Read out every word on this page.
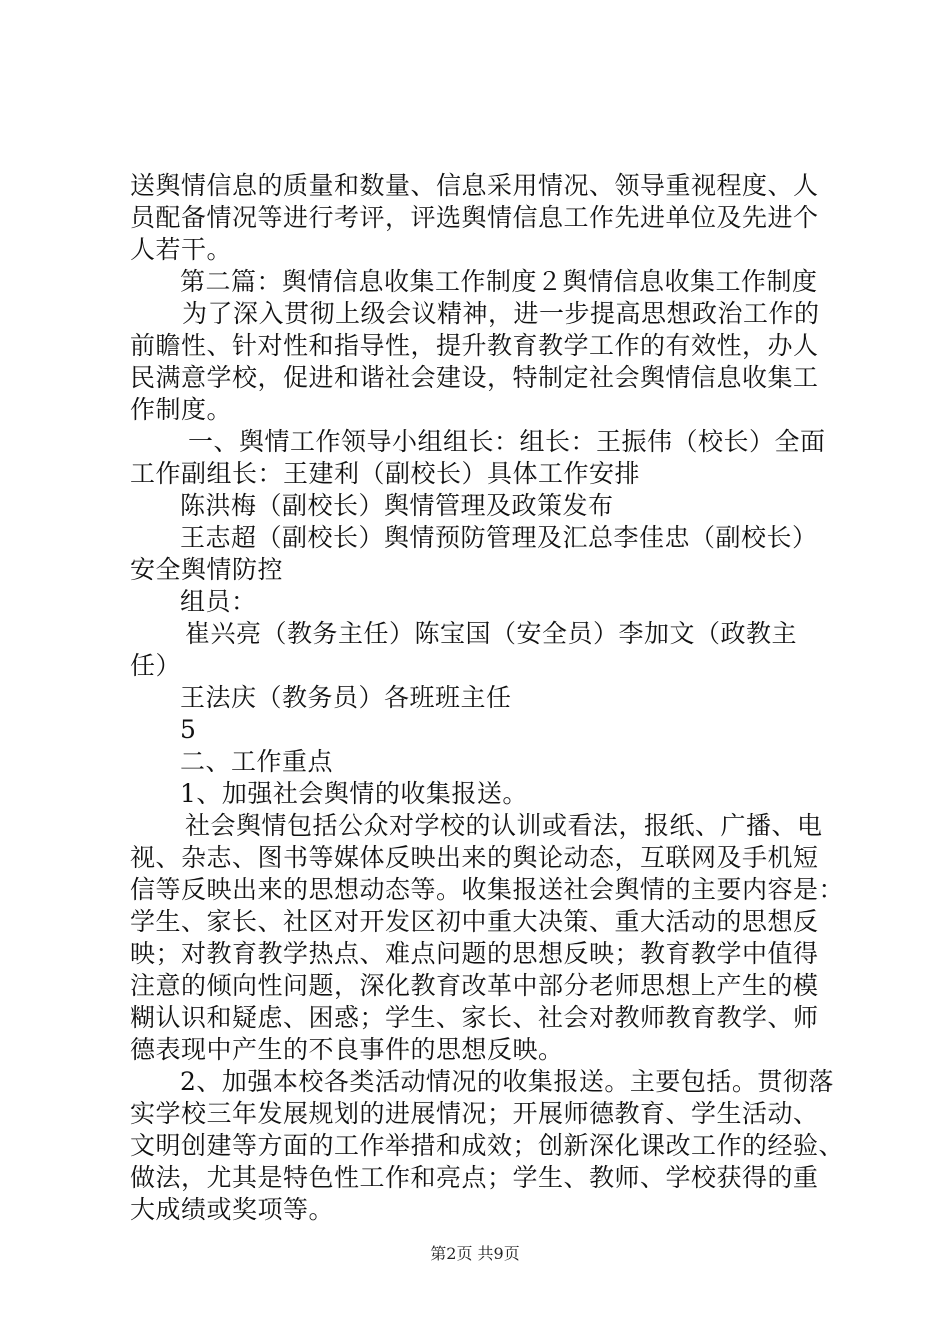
送舆情信息的质量和数量、信息采用情况、领导重视程度、人
员配备情况等进行考评，评选舆情信息工作先进单位及先进个
人若干。
第二篇：舆情信息收集工作制度２舆情信息收集工作制度
为了深入贯彻上级会议精神，进一步提高思想政治工作的
前瞻性、针对性和指导性，提升教育教学工作的有效性，办人
民满意学校，促进和谐社会建设，特制定社会舆情信息收集工
作制度。
一、舆情工作领导小组组长：组长：王振伟（校长）全面
工作副组长：王建利（副校长）具体工作安排
陈洪梅（副校长）舆情管理及政策发布
王志超（副校长）舆情预防管理及汇总李佳忠（副校长）
安全舆情防控
组员：
崔兴亮（教务主任）陈宝国（安全员）李加文（政教主
任）
王法庆（教务员）各班班主任
5
二、工作重点
1、加强社会舆情的收集报送。
社会舆情包括公众对学校的认训或看法，报纸、广播、电
视、杂志、图书等媒体反映出来的舆论动态，互联网及手机短
信等反映出来的思想动态等。收集报送社会舆情的主要内容是：
学生、家长、社区对开发区初中重大决策、重大活动的思想反
映；对教育教学热点、难点问题的思想反映；教育教学中值得
注意的倾向性问题，深化教育改革中部分老师思想上产生的模
糊认识和疑虑、困惑；学生、家长、社会对教师教育教学、师
德表现中产生的不良事件的思想反映。
2、加强本校各类活动情况的收集报送。主要包括。贯彻落
实学校三年发展规划的进展情况；开展师德教育、学生活动、
文明创建等方面的工作举措和成效；创新深化课改工作的经验、
做法，尤其是特色性工作和亮点；学生、教师、学校获得的重
大成绩或奖项等。
第2页 共9页
